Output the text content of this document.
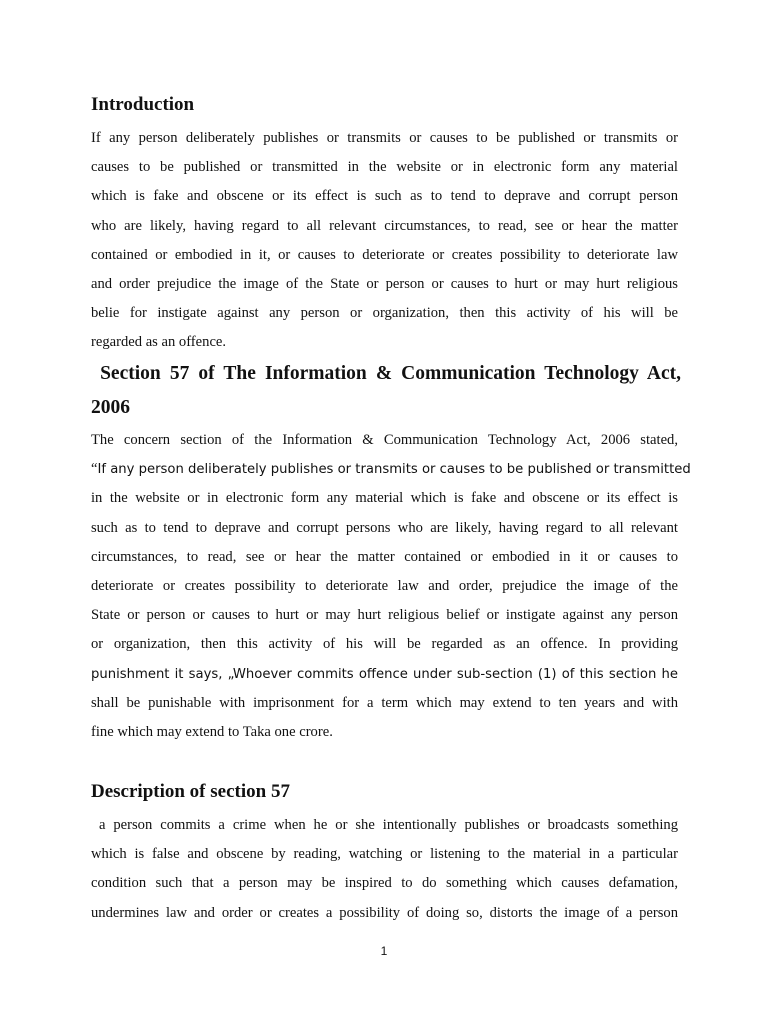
Introduction
If any person deliberately publishes or transmits or causes to be published or transmits or
causes to be published or transmitted in the website or in electronic form any material
which is fake and obscene or its effect is such as to tend to deprave and corrupt person
who are likely, having regard to all relevant circumstances, to read, see or hear the matter
contained or embodied in it, or causes to deteriorate or creates possibility to deteriorate law
and order prejudice the image of the State or person or causes to hurt or may hurt religious
belie for instigate against any person or organization, then this activity of his will be
regarded as an offence.
Section 57 of The Information & Communication Technology Act,
2006
The concern section of the Information & Communication Technology Act, 2006 stated,
“If any person deliberately publishes or transmits or causes to be published or transmitted
in the website or in electronic form any material which is fake and obscene or its effect is
such as to tend to deprave and corrupt persons who are likely, having regard to all relevant
circumstances, to read, see or hear the matter contained or embodied in it or causes to
deteriorate or creates possibility to deteriorate law and order, prejudice the image of the
State or person or causes to hurt or may hurt religious belief or instigate against any person
or organization, then this activity of his will be regarded as an offence. In providing
punishment it says, „Whoever commits offence under sub-section (1) of this section he
shall be punishable with imprisonment for a term which may extend to ten years and with
fine which may extend to Taka one crore.
Description of section 57
a person commits a crime when he or she intentionally publishes or broadcasts something
which is false and obscene by reading, watching or listening to the material in a particular
condition such that a person may be inspired to do something which causes defamation,
undermines law and order or creates a possibility of doing so, distorts the image of a person
1
